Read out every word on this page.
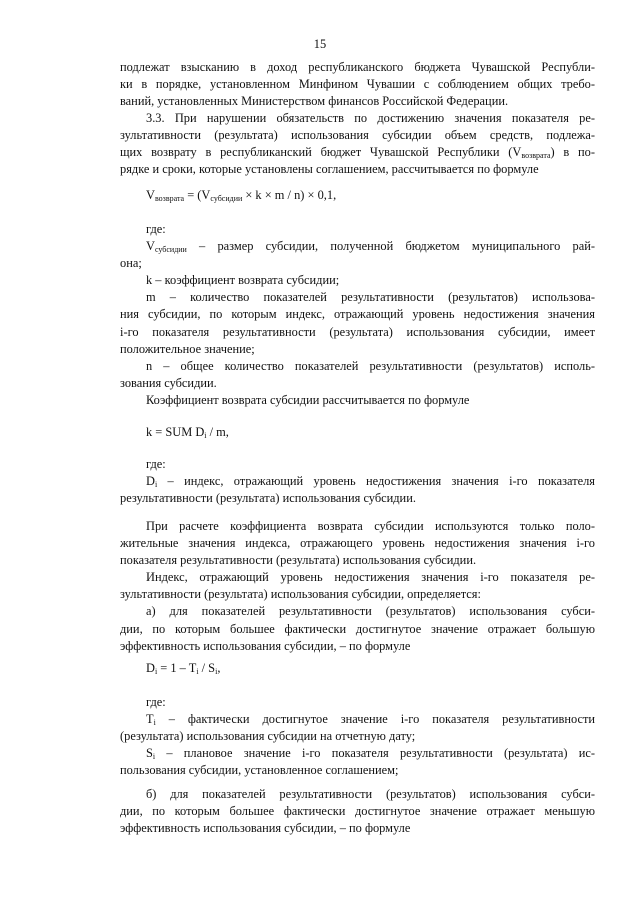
15
подлежат взысканию в доход республиканского бюджета Чувашской Республи-
ки в порядке, установленном Минфином Чувашии с соблюдением общих требо-
ваний, установленных Министерством финансов Российской Федерации.
3.3. При нарушении обязательств по достижению значения показателя ре-
зультативности (результата) использования субсидии объем средств, подлежа-
щих возврату в республиканский бюджет Чувашской Республики $(V_{возврата})$ в по-
рядке и сроки, которые установлены соглашением, рассчитывается по формуле
$V_{возврата} = (V_{субсидии} \times k \times m / n) \times 0,1$,
где:
$V_{субсидии}$ – размер субсидии, полученной бюджетом муниципального рай-
она;
k – коэффициент возврата субсидии;
m – количество показателей результативности (результатов) использова-
ния субсидии, по которым индекс, отражающий уровень недостижения значения
i-го показателя результативности (результата) использования субсидии, имеет
положительное значение;
n – общее количество показателей результативности (результатов) исполь-
зования субсидии.
Коэффициент возврата субсидии рассчитывается по формуле
k = SUM $D_i$ / m,
где:
$D_i$ – индекс, отражающий уровень недостижения значения i-го показателя
результативности (результата) использования субсидии.
При расчете коэффициента возврата субсидии используются только поло-
жительные значения индекса, отражающего уровень недостижения значения i-го
показателя результативности (результата) использования субсидии.
Индекс, отражающий уровень недостижения значения i-го показателя ре-
зультативности (результата) использования субсидии, определяется:
а) для показателей результативности (результатов) использования субси-
дии, по которым большее фактически достигнутое значение отражает большую
эффективность использования субсидии, – по формуле
$D_i = 1 - T_i / S_i$,
где:
$T_i$ – фактически достигнутое значение i-го показателя результативности
(результата) использования субсидии на отчетную дату;
$S_i$ – плановое значение i-го показателя результативности (результата) ис-
пользования субсидии, установленное соглашением;
б) для показателей результативности (результатов) использования субси-
дии, по которым большее фактически достигнутое значение отражает меньшую
эффективность использования субсидии, – по формуле
